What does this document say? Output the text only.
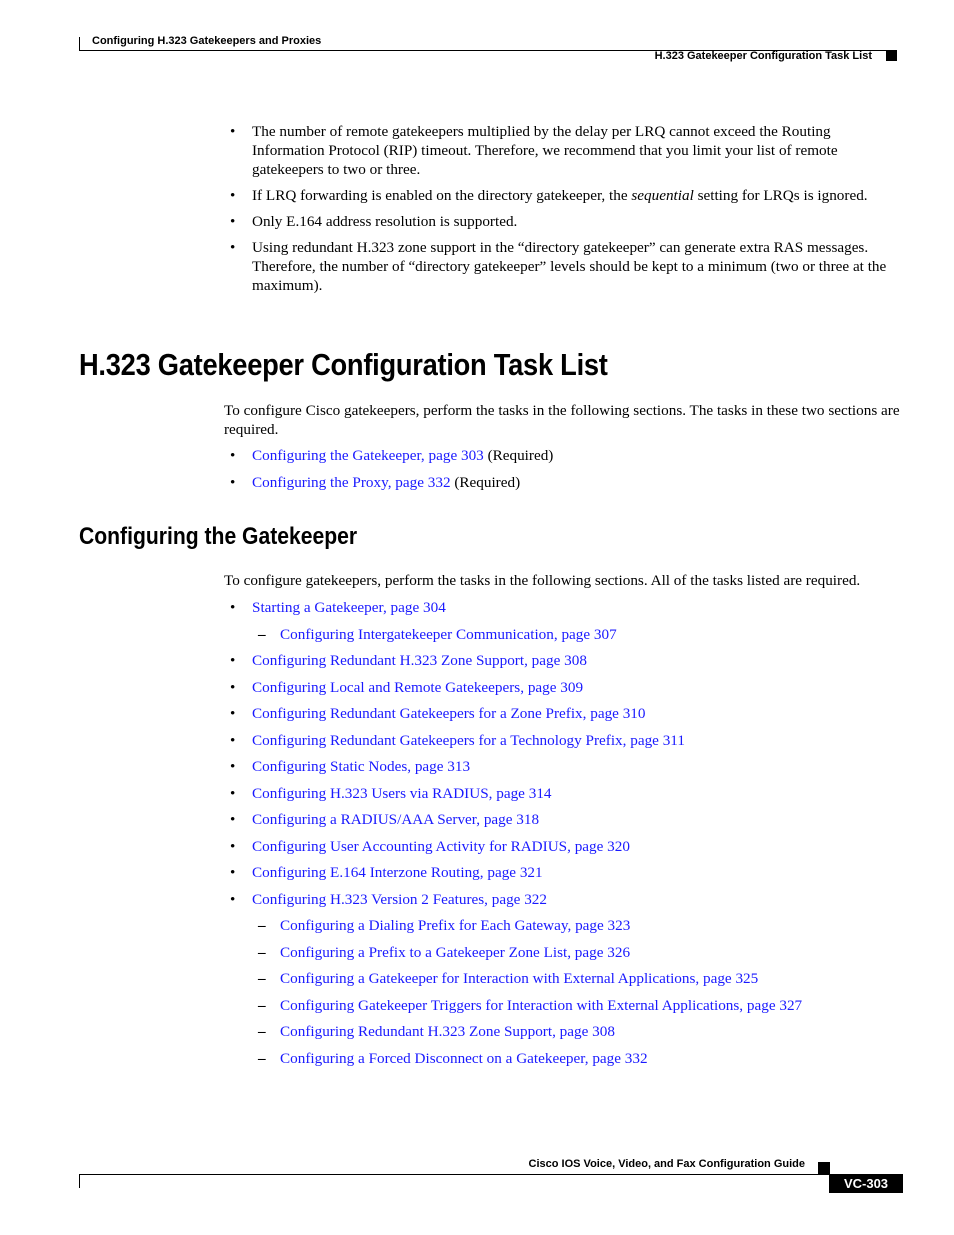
Configuring H.323 Gatekeepers and Proxies
H.323 Gatekeeper Configuration Task List
• The number of remote gatekeepers multiplied by the delay per LRQ cannot exceed the Routing Information Protocol (RIP) timeout. Therefore, we recommend that you limit your list of remote gatekeepers to two or three.
• If LRQ forwarding is enabled on the directory gatekeeper, the sequential setting for LRQs is ignored.
• Only E.164 address resolution is supported.
• Using redundant H.323 zone support in the “directory gatekeeper” can generate extra RAS messages. Therefore, the number of “directory gatekeeper” levels should be kept to a minimum (two or three at the maximum).
H.323 Gatekeeper Configuration Task List

To configure Cisco gatekeepers, perform the tasks in the following sections. The tasks in these two sections are required.

• Configuring the Gatekeeper, page 303 (Required)
• Configuring the Proxy, page 332 (Required)
Configuring the Gatekeeper

To configure gatekeepers, perform the tasks in the following sections. All of the tasks listed are required.

• Starting a Gatekeeper, page 304
– Configuring Intergatekeeper Communication, page 307
• Configuring Redundant H.323 Zone Support, page 308
• Configuring Local and Remote Gatekeepers, page 309
• Configuring Redundant Gatekeepers for a Zone Prefix, page 310
• Configuring Redundant Gatekeepers for a Technology Prefix, page 311
• Configuring Static Nodes, page 313
• Configuring H.323 Users via RADIUS, page 314
• Configuring a RADIUS/AAA Server, page 318
• Configuring User Accounting Activity for RADIUS, page 320
• Configuring E.164 Interzone Routing, page 321
• Configuring H.323 Version 2 Features, page 322
– Configuring a Dialing Prefix for Each Gateway, page 323
– Configuring a Prefix to a Gatekeeper Zone List, page 326
– Configuring a Gatekeeper for Interaction with External Applications, page 325
– Configuring Gatekeeper Triggers for Interaction with External Applications, page 327
– Configuring Redundant H.323 Zone Support, page 308
– Configuring a Forced Disconnect on a Gatekeeper, page 332
Cisco IOS Voice, Video, and Fax Configuration Guide
VC-303
